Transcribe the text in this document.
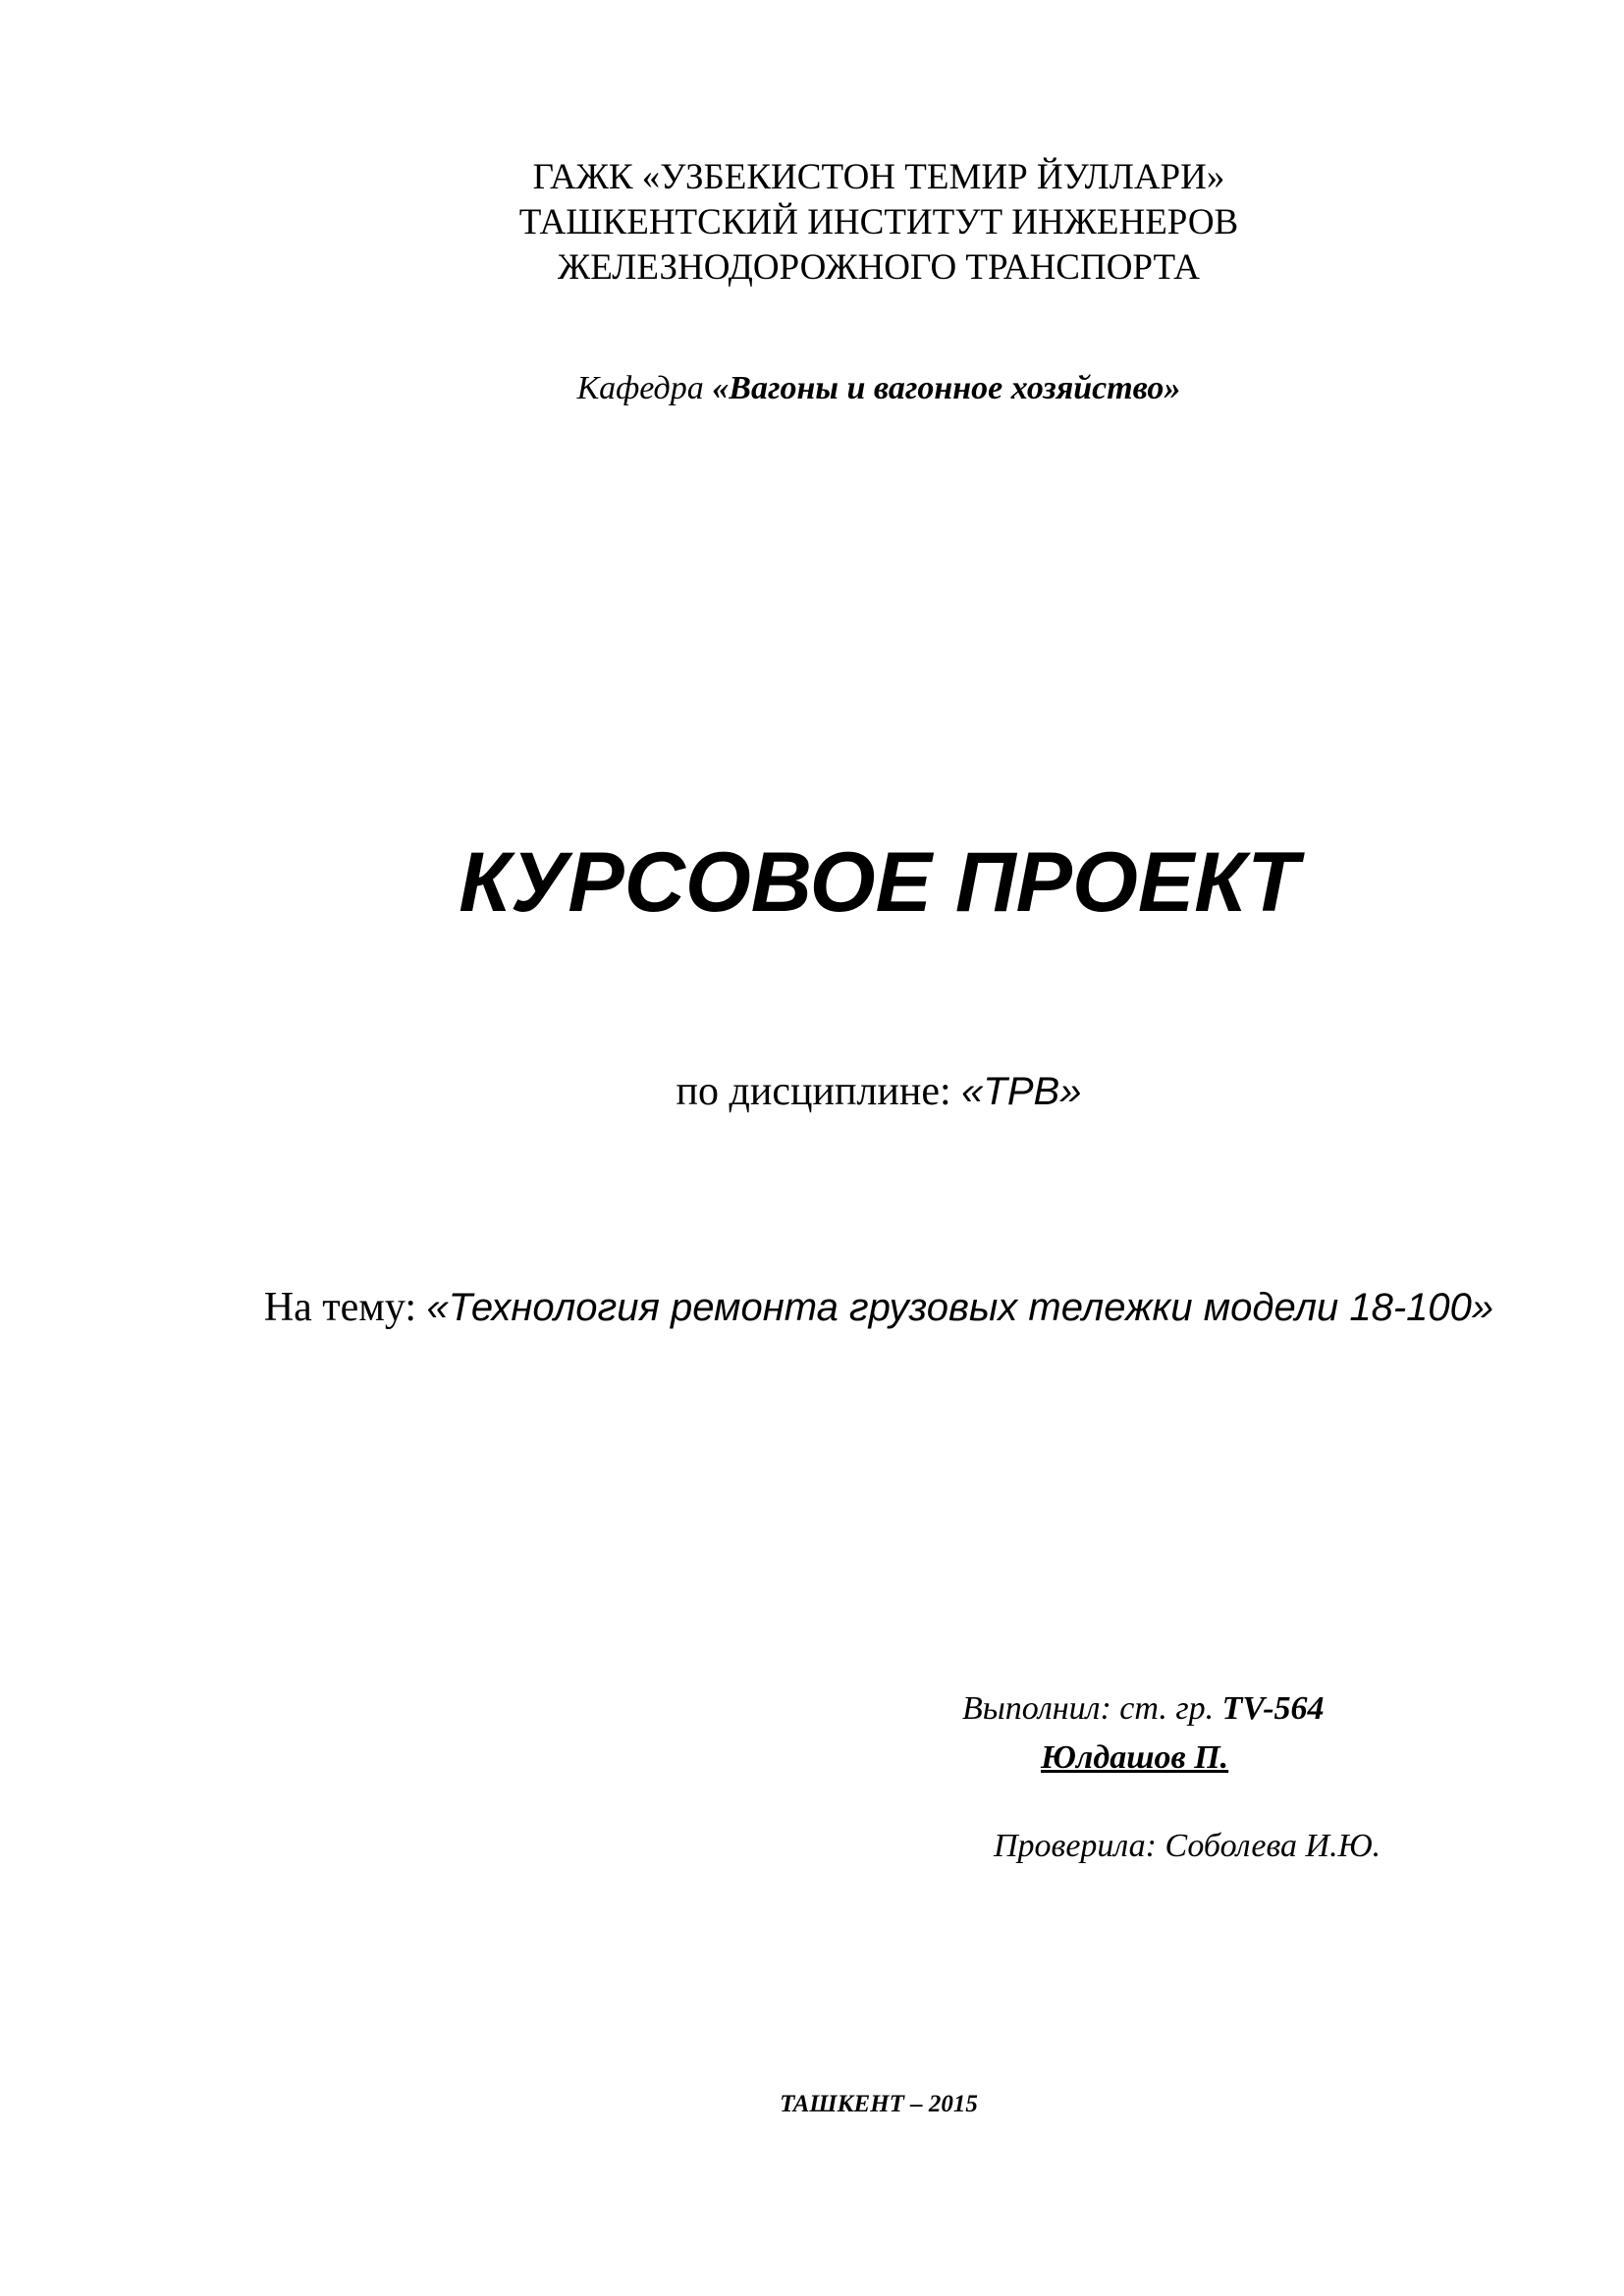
ГАЖК «УЗБЕКИСТОН ТЕМИР ЙУЛЛАРИ»
ТАШКЕНТСКИЙ ИНСТИТУТ ИНЖЕНЕРОВ
ЖЕЛЕЗНОДОРОЖНОГО ТРАНСПОРТА
Кафедра «Вагоны и вагонное хозяйство»
КУРСОВОЕ ПРОЕКТ
по дисциплине: «ТРВ»
На тему: «Технология ремонта грузовых тележки модели 18-100»
Выполнил: ст. гр. TV-564
Юлдашов П.
Проверила: Соболева И.Ю.
ТАШКЕНТ – 2015
